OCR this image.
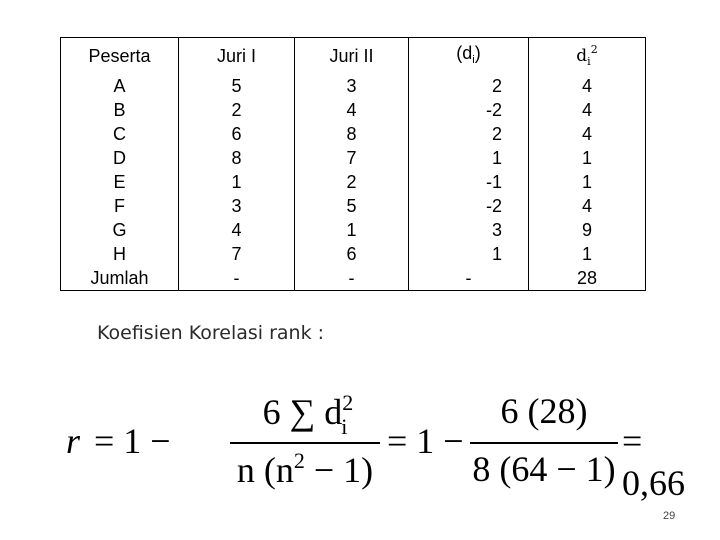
Peserta	Juri I	Juri II	$(d_i)$	$d_i^2$
A	5	3	2	4
B	2	4	-2	4
C	6	8	2	4
D	8	7	1	1
E	1	2	-1	1
F	3	5	-2	4
G	4	1	3	9
H	7	6	1	1
Jumlah	-	-	-	28
Koefisien Korelasi rank :
r = 1 −
6 ∑ $d^2_i$
n $(n^2 - 1)$
= 1 −
6 (28)
8 (64 − 1)
= 0,66
29
